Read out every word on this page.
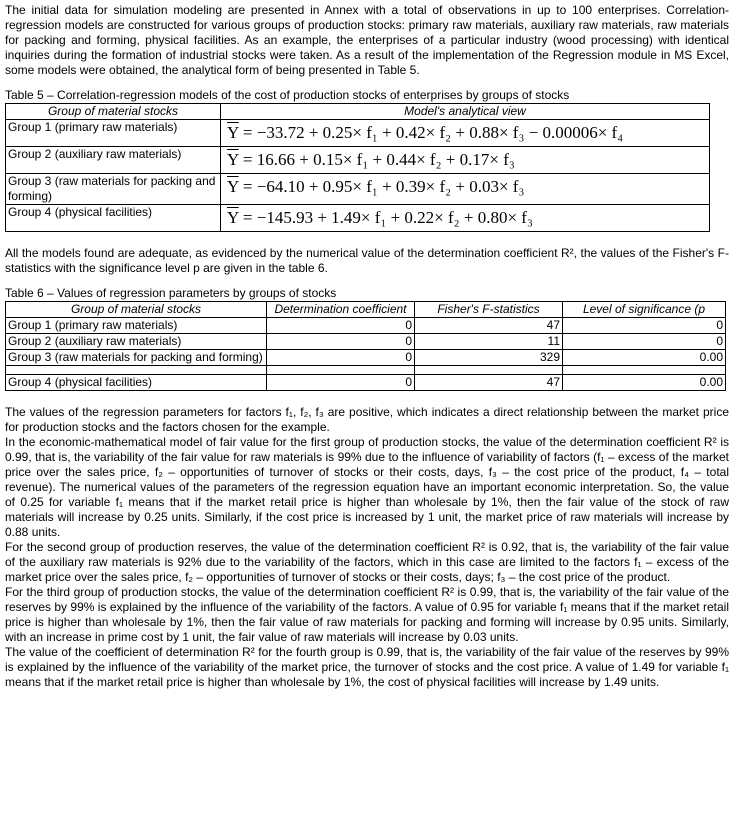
The initial data for simulation modeling are presented in Annex with a total of observations in up to 100 enterprises. Correlation-regression models are constructed for various groups of production stocks: primary raw materials, auxiliary raw materials, raw materials for packing and forming, physical facilities. As an example, the enterprises of a particular industry (wood processing) with identical inquiries during the formation of industrial stocks were taken. As a result of the implementation of the Regression module in MS Excel, some models were obtained, the analytical form of being presented in Table 5.

Table 5 – Correlation-regression models of the cost of production stocks of enterprises by groups of stocks

Group of material stocks	Model's analytical view
Group 1 (primary raw materials)	$\overline{Y} = -33.72 + 0.25\times f_1 + 0.42\times f_2 + 0.88\times f_3 - 0.00006\times f_4$
Group 2 (auxiliary raw materials)	$\overline{Y} = 16.66 + 0.15\times f_1 + 0.44\times f_2 + 0.17\times f_3$
Group 3 (raw materials for packing and forming)	$\overline{Y} = -64.10 + 0.95\times f_1 + 0.39\times f_2 + 0.03\times f_3$
Group 4 (physical facilities)	$\overline{Y} = -145.93 + 1.49\times f_1 + 0.22\times f_2 + 0.80\times f_3$

All the models found are adequate, as evidenced by the numerical value of the determination coefficient R², the values of the Fisher's F-statistics with the significance level p are given in the table 6.

Table 6 – Values of regression parameters by groups of stocks

Group of material stocks	Determination coefficient	Fisher's F-statistics	Level of significance (p
Group 1 (primary raw materials)	0	47	0
Group 2 (auxiliary raw materials)	0	11	0
Group 3 (raw materials for packing and forming)	0	329	0.00

Group 4 (physical facilities)	0	47	0.00

The values of the regression parameters for factors f₁, f₂, f₃ are positive, which indicates a direct relationship between the market price for production stocks and the factors chosen for the example.

In the economic-mathematical model of fair value for the first group of production stocks, the value of the determination coefficient R² is 0.99, that is, the variability of the fair value for raw materials is 99% due to the influence of variability of factors (f₁ – excess of the market price over the sales price, f₂ – opportunities of turnover of stocks or their costs, days, f₃ – the cost price of the product, f₄ – total revenue). The numerical values of the parameters of the regression equation have an important economic interpretation. So, the value of 0.25 for variable f₁ means that if the market retail price is higher than wholesale by 1%, then the fair value of the stock of raw materials will increase by 0.25 units. Similarly, if the cost price is increased by 1 unit, the market price of raw materials will increase by 0.88 units.

For the second group of production reserves, the value of the determination coefficient R² is 0.92, that is, the variability of the fair value of the auxiliary raw materials is 92% due to the variability of the factors, which in this case are limited to the factors f₁ – excess of the market price over the sales price, f₂ – opportunities of turnover of stocks or their costs, days; f₃ – the cost price of the product.

For the third group of production stocks, the value of the determination coefficient R² is 0.99, that is, the variability of the fair value of the reserves by 99% is explained by the influence of the variability of the factors. A value of 0.95 for variable f₁ means that if the market retail price is higher than wholesale by 1%, then the fair value of raw materials for packing and forming will increase by 0.95 units. Similarly, with an increase in prime cost by 1 unit, the fair value of raw materials will increase by 0.03 units.

The value of the coefficient of determination R² for the fourth group is 0.99, that is, the variability of the fair value of the reserves by 99% is explained by the influence of the variability of the market price, the turnover of stocks and the cost price. A value of 1.49 for variable f₁ means that if the market retail price is higher than wholesale by 1%, the cost of physical facilities will increase by 1.49 units.
